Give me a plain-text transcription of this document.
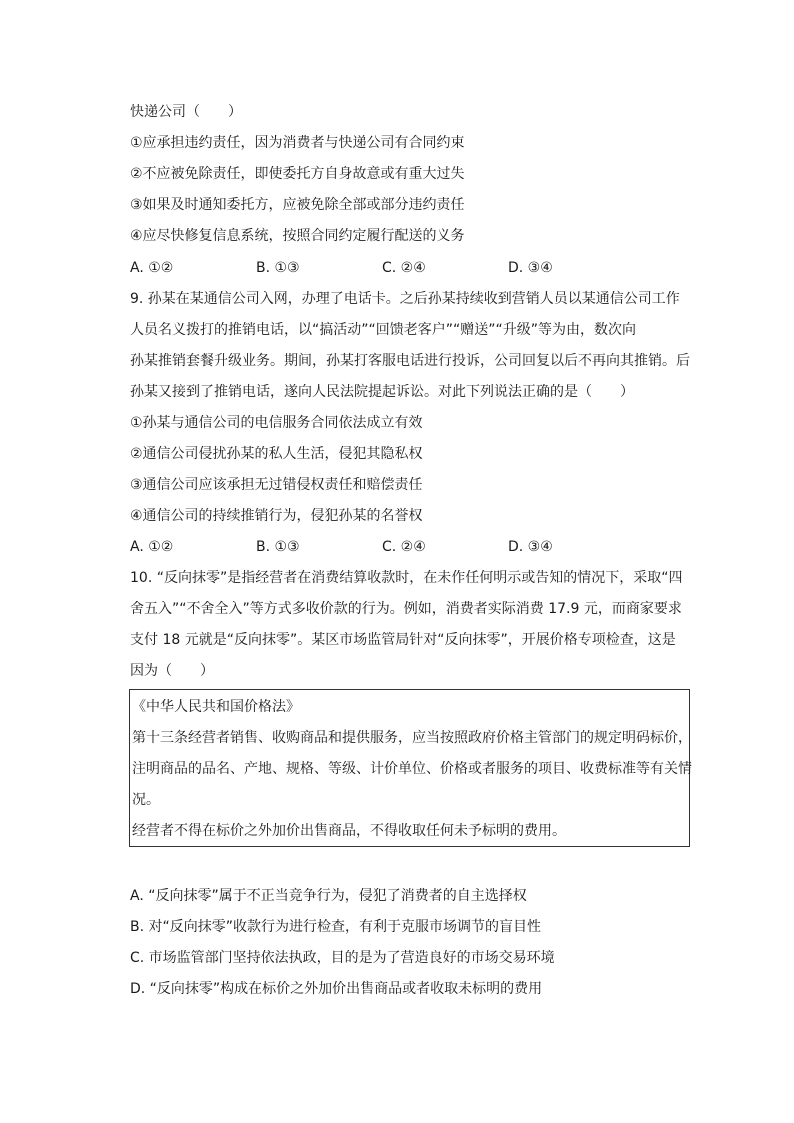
快递公司（　　）
①应承担违约责任，因为消费者与快递公司有合同约束
②不应被免除责任，即使委托方自身故意或有重大过失
③如果及时通知委托方，应被免除全部或部分违约责任
④应尽快修复信息系统，按照合同约定履行配送的义务
A. ①②	B. ①③	C. ②④	D. ③④
9. 孙某在某通信公司入网，办理了电话卡。之后孙某持续收到营销人员以某通信公司工作
人员名义拨打的推销电话，以“搞活动”“回馈老客户”“赠送”“升级”等为由，数次向
孙某推销套餐升级业务。期间，孙某打客服电话进行投诉，公司回复以后不再向其推销。后
孙某又接到了推销电话，遂向人民法院提起诉讼。对此下列说法正确的是（　　）
①孙某与通信公司的电信服务合同依法成立有效
②通信公司侵扰孙某的私人生活，侵犯其隐私权
③通信公司应该承担无过错侵权责任和赔偿责任
④通信公司的持续推销行为，侵犯孙某的名誉权
A. ①②	B. ①③	C. ②④	D. ③④
10. “反向抹零”是指经营者在消费结算收款时，在未作任何明示或告知的情况下，采取“四
舍五入”“不舍全入”等方式多收价款的行为。例如，消费者实际消费 17.9 元，而商家要求
支付 18 元就是“反向抹零”。某区市场监管局针对“反向抹零”，开展价格专项检查，这是
因为（　　）
《中华人民共和国价格法》
第十三条经营者销售、收购商品和提供服务，应当按照政府价格主管部门的规定明码标价，
注明商品的品名、产地、规格、等级、计价单位、价格或者服务的项目、收费标准等有关情
况。
经营者不得在标价之外加价出售商品，不得收取任何未予标明的费用。
A. “反向抹零”属于不正当竞争行为，侵犯了消费者的自主选择权
B. 对“反向抹零”收款行为进行检查，有利于克服市场调节的盲目性
C. 市场监管部门坚持依法执政，目的是为了营造良好的市场交易环境
D. “反向抹零”构成在标价之外加价出售商品或者收取未标明的费用
